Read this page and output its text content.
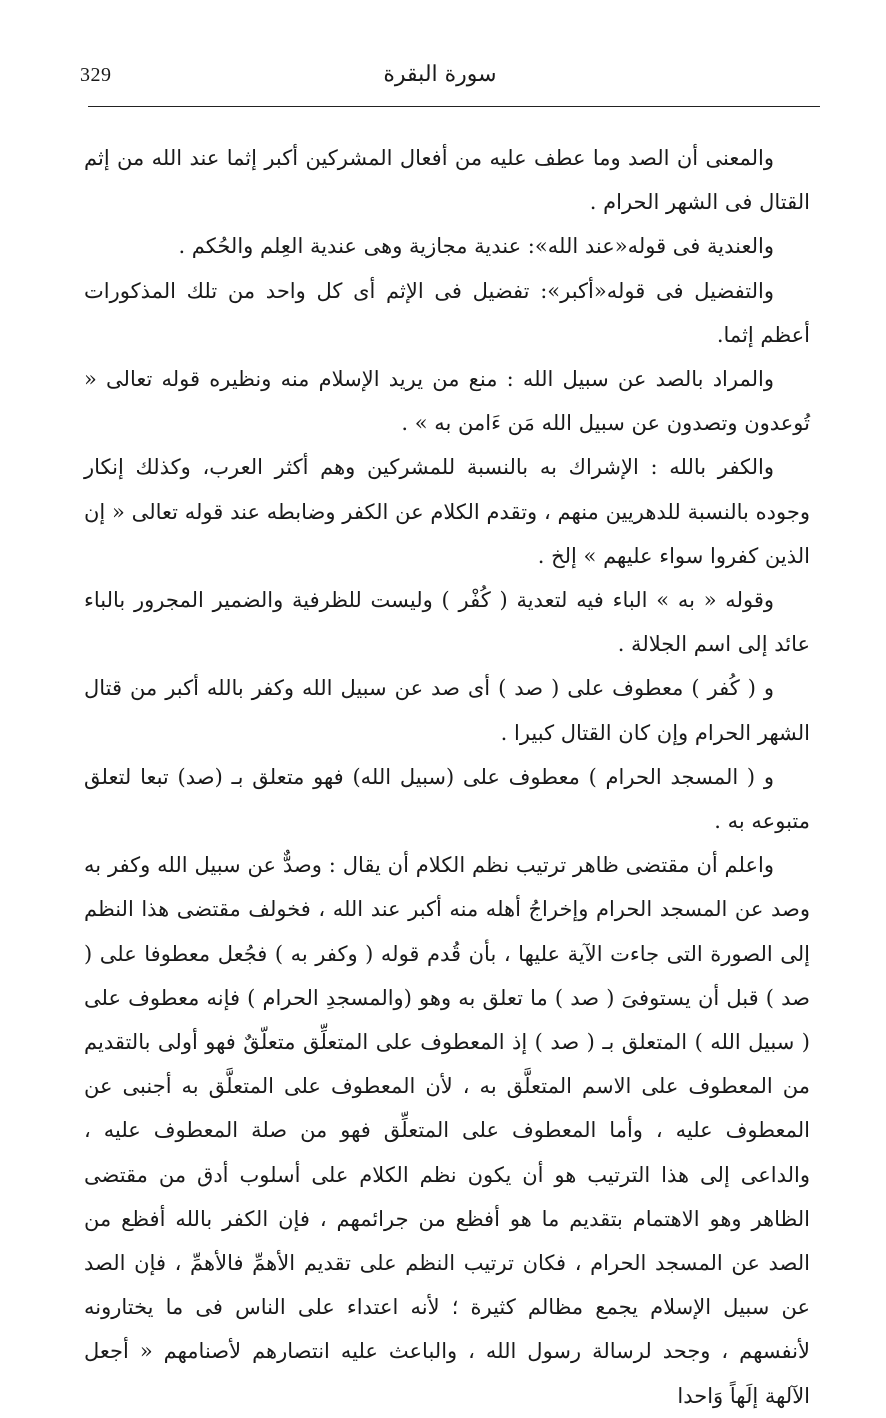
329	سورة البقرة

والمعنى أن الصد وما عطف عليه من أفعال المشركين أكبر إثما عند الله من إثم القتال فى الشهر الحرام .

والعندية فى قوله«عند الله»: عندية مجازية وهى عندية العِلم والحُكم .

والتفضيل فى قوله«أكبر»: تفضيل فى الإثم أى كل واحد من تلك المذكورات أعظم إثما.

والمراد بالصد عن سبيل الله : منع من يريد الإسلام منه ونظيره قوله تعالى « تُوعدون وتصدون عن سبيل الله مَن ءَامن به » .

والكفر بالله : الإشراك به بالنسبة للمشركين وهم أكثر العرب، وكذلك إنكار وجوده بالنسبة للدهريين منهم ، وتقدم الكلام عن الكفر وضابطه عند قوله تعالى « إن الذين كفروا سواء عليهم » إلخ .

وقوله « به » الباء فيه لتعدية ( كُفْر ) وليست للظرفية والضمير المجرور بالباء عائد إلى اسم الجلالة .

و ( كُفر ) معطوف على ( صد ) أى صد عن سبيل الله وكفر بالله أكبر من قتال الشهر الحرام وإن كان القتال كبيرا .

و ( المسجد الحرام ) معطوف على (سبيل الله) فهو متعلق بـ (صد) تبعا لتعلق متبوعه به .

واعلم أن مقتضى ظاهر ترتيب نظم الكلام أن يقال : وصدٌّ عن سبيل الله وكفر به وصد عن المسجد الحرام وإخراجُ أهله منه أكبر عند الله ، فخولف مقتضى هذا النظم إلى الصورة التى جاءت الآية عليها ، بأن قُدم قوله ( وكفر به ) فجُعل معطوفا على ( صد ) قبل أن يستوفىَ ( صد ) ما تعلق به وهو (والمسجدِ الحرام ) فإنه معطوف على ( سبيل الله ) المتعلق بـ ( صد ) إذ المعطوف على المتعلِّق متعلّقٌ فهو أولى بالتقديم من المعطوف على الاسم المتعلَّق به ، لأن المعطوف على المتعلَّق به أجنبى عن المعطوف عليه ، وأما المعطوف على المتعلِّق فهو من صلة المعطوف عليه ، والداعى إلى هذا الترتيب هو أن يكون نظم الكلام على أسلوب أدق من مقتضى الظاهر وهو الاهتمام بتقديم ما هو أفظع من جرائمهم ، فإن الكفر بالله أفظع من الصد عن المسجد الحرام ، فكان ترتيب النظم على تقديم الأهمِّ فالأهمِّ ، فإن الصد عن سبيل الإسلام يجمع مظالم كثيرة ؛ لأنه اعتداء على الناس فى ما يختارونه لأنفسهم ، وجحد لرسالة رسول الله ، والباعث عليه انتصارهم لأصنامهم « أجعل الآلهة إلَهاً وَاحدا
